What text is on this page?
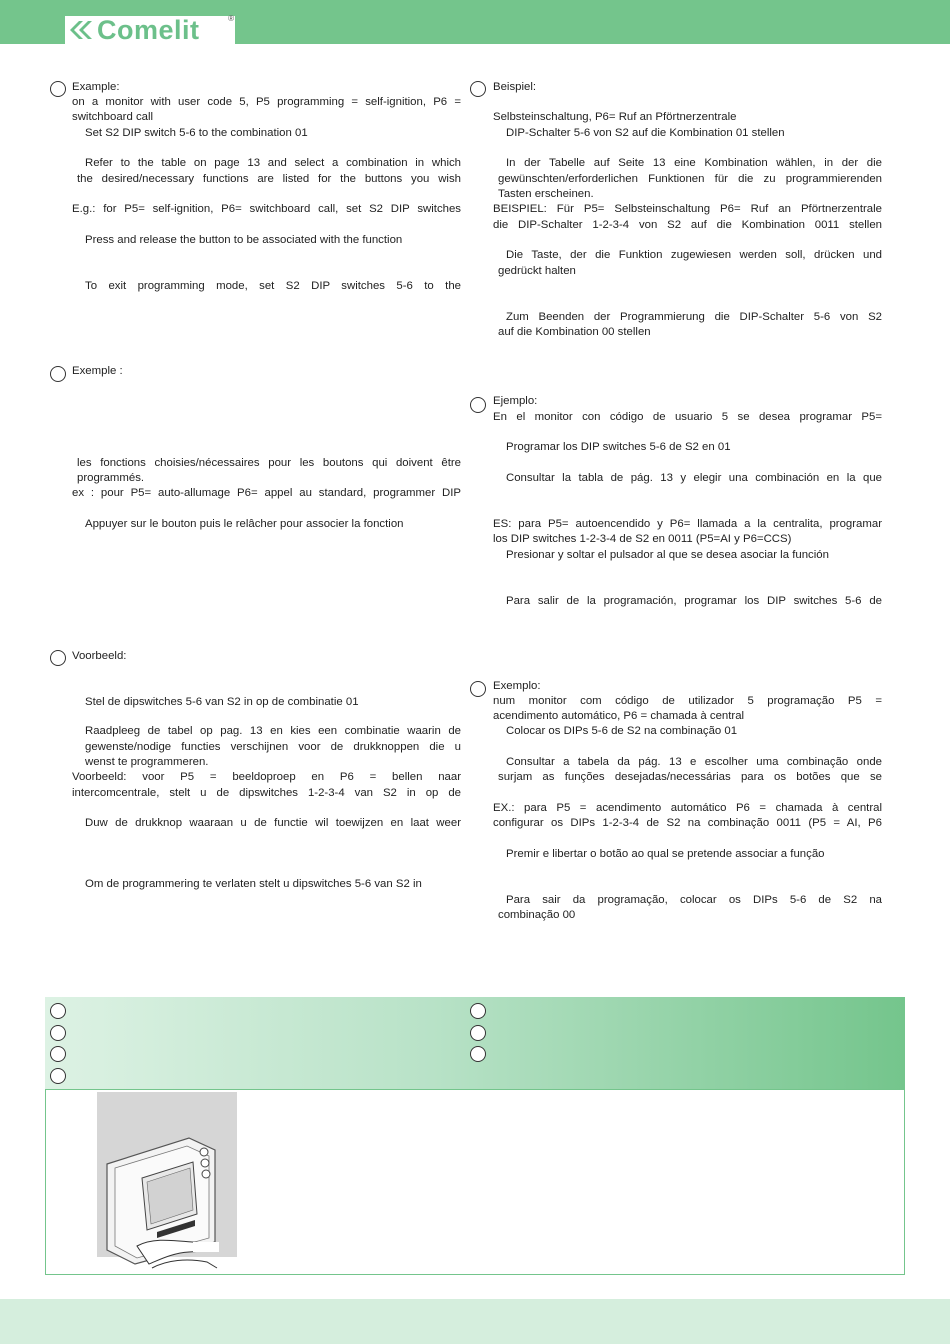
Comelit	®
Example:
on a monitor with user code 5, P5 programming = self-ignition, P6 =
switchboard call
Set S2 DIP switch 5-6 to the combination 01
Refer to the table on page 13 and select a combination in which
the desired/necessary functions are listed for the buttons you wish
E.g.: for P5= self-ignition, P6= switchboard call, set S2 DIP switches
Press and release the button to be associated with the function
To exit programming mode, set S2 DIP switches 5-6 to the
Beispiel:
Selbsteinschaltung, P6= Ruf an Pförtnerzentrale
DIP-Schalter 5-6 von S2 auf die Kombination 01 stellen
In der Tabelle auf Seite 13 eine Kombination wählen, in der die
gewünschten/erforderlichen Funktionen für die zu programmierenden
Tasten erscheinen.
BEISPIEL: Für P5= Selbsteinschaltung P6= Ruf an Pförtnerzentrale
die DIP-Schalter 1-2-3-4 von S2 auf die Kombination 0011 stellen
Die Taste, der die Funktion zugewiesen werden soll, drücken und
gedrückt halten
Zum Beenden der Programmierung die DIP-Schalter 5-6 von S2
auf die Kombination 00 stellen
Exemple :
les fonctions choisies/nécessaires pour les boutons qui doivent être
programmés.
ex : pour P5= auto-allumage P6= appel au standard, programmer DIP
Appuyer sur le bouton puis le relâcher pour associer la fonction
Ejemplo:
En el monitor con código de usuario 5 se desea programar P5=
Programar los DIP switches 5-6 de S2 en 01
Consultar la tabla de pág. 13 y elegir una combinación en la que
ES: para P5= autoencendido y P6= llamada a la centralita, programar
los DIP switches 1-2-3-4 de S2 en 0011 (P5=AI y P6=CCS)
Presionar y soltar el pulsador al que se desea asociar la función
Para salir de la programación, programar los DIP switches 5-6 de
Voorbeeld:
Stel de dipswitches 5-6 van S2 in op de combinatie 01
Raadpleeg de tabel op pag. 13 en kies een combinatie waarin de
gewenste/nodige functies verschijnen voor de drukknoppen die u
wenst te programmeren.
Voorbeeld: voor P5 = beeldoproep en P6 = bellen naar
intercomcentrale, stelt u de dipswitches 1-2-3-4 van S2 in op de
Duw de drukknop waaraan u de functie wil toewijzen en laat weer
Om de programmering te verlaten stelt u dipswitches 5-6 van S2 in
Exemplo:
num monitor com código de utilizador 5 programação P5 =
acendimento automático, P6 = chamada à central
Colocar os DIPs 5-6 de S2 na combinação 01
Consultar a tabela da pág. 13 e escolher uma combinação onde
surjam as funções desejadas/necessárias para os botões que se
EX.: para P5 = acendimento automático P6 = chamada à central
configurar os DIPs 1-2-3-4 de S2 na combinação 0011 (P5 = AI, P6
Premir e libertar o botão ao qual se pretende associar a função
Para sair da programação, colocar os DIPs 5-6 de S2 na
combinação 00
